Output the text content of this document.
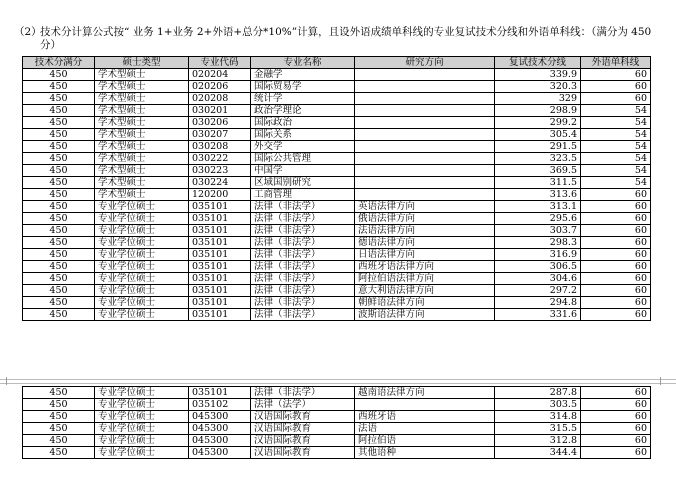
（2）技术分计算公式按“ 业务 1+业务 2+外语+总分*10%”计算，且设外语成绩单科线的专业复试技术分线和外语单科线：（满分为 450
分）
技术分满分	硕士类型	专业代码	专业名称	研究方向	复试技术分线	外语单科线
450	学术型硕士	020204	金融学		339.9	60
450	学术型硕士	020206	国际贸易学		320.3	60
450	学术型硕士	020208	统计学		329	60
450	学术型硕士	030201	政治学理论		298.9	54
450	学术型硕士	030206	国际政治		299.2	54
450	学术型硕士	030207	国际关系		305.4	54
450	学术型硕士	030208	外交学		291.5	54
450	学术型硕士	030222	国际公共管理		323.5	54
450	学术型硕士	030223	中国学		369.5	54
450	学术型硕士	030224	区域国别研究		311.5	54
450	学术型硕士	120200	工商管理		313.6	60
450	专业学位硕士	035101	法律（非法学）	英语法律方向	313.1	60
450	专业学位硕士	035101	法律（非法学）	俄语法律方向	295.6	60
450	专业学位硕士	035101	法律（非法学）	法语法律方向	303.7	60
450	专业学位硕士	035101	法律（非法学）	德语法律方向	298.3	60
450	专业学位硕士	035101	法律（非法学）	日语法律方向	316.9	60
450	专业学位硕士	035101	法律（非法学）	西班牙语法律方向	306.5	60
450	专业学位硕士	035101	法律（非法学）	阿拉伯语法律方向	304.6	60
450	专业学位硕士	035101	法律（非法学）	意大利语法律方向	297.2	60
450	专业学位硕士	035101	法律（非法学）	朝鲜语法律方向	294.8	60
450	专业学位硕士	035101	法律（非法学）	波斯语法律方向	331.6	60
450	专业学位硕士	035101	法律（非法学）	越南语法律方向	287.8	60
450	专业学位硕士	035102	法律（法学）		303.5	60
450	专业学位硕士	045300	汉语国际教育	西班牙语	314.8	60
450	专业学位硕士	045300	汉语国际教育	法语	315.5	60
450	专业学位硕士	045300	汉语国际教育	阿拉伯语	312.8	60
450	专业学位硕士	045300	汉语国际教育	其他语种	344.4	60
